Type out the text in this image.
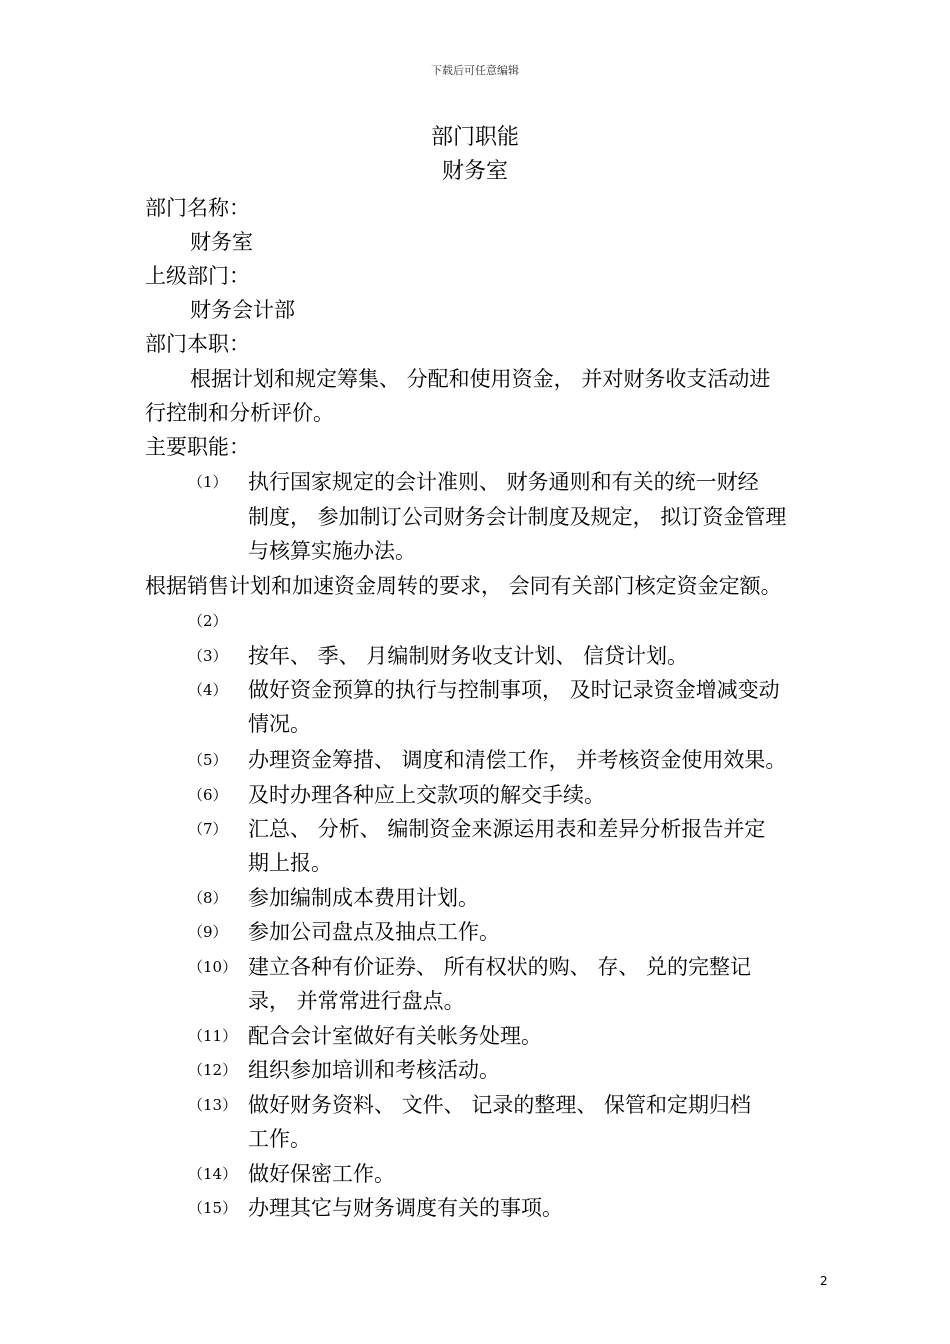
下载后可任意编辑
部门职能
财务室
部门名称：
财务室
上级部门：
财务会计部
部门本职：
根据计划和规定筹集、 分配和使用资金， 并对财务收支活动进
行控制和分析评价。
主要职能：
（1） 执行国家规定的会计准则、 财务通则和有关的统一财经
制度， 参加制订公司财务会计制度及规定， 拟订资金管理
与核算实施办法。
根据销售计划和加速资金周转的要求， 会同有关部门核定资金定额。
（2）
（3） 按年、 季、 月编制财务收支计划、 信贷计划。
（4） 做好资金预算的执行与控制事项， 及时记录资金增减变动
情况。
（5） 办理资金筹措、 调度和清偿工作， 并考核资金使用效果。
（6） 及时办理各种应上交款项的解交手续。
（7） 汇总、 分析、 编制资金来源运用表和差异分析报告并定
期上报。
（8） 参加编制成本费用计划。
（9） 参加公司盘点及抽点工作。
（10） 建立各种有价证券、 所有权状的购、 存、 兑的完整记
录， 并常常进行盘点。
（11） 配合会计室做好有关帐务处理。
（12） 组织参加培训和考核活动。
（13） 做好财务资料、 文件、 记录的整理、 保管和定期归档
工作。
（14） 做好保密工作。
（15） 办理其它与财务调度有关的事项。
2
